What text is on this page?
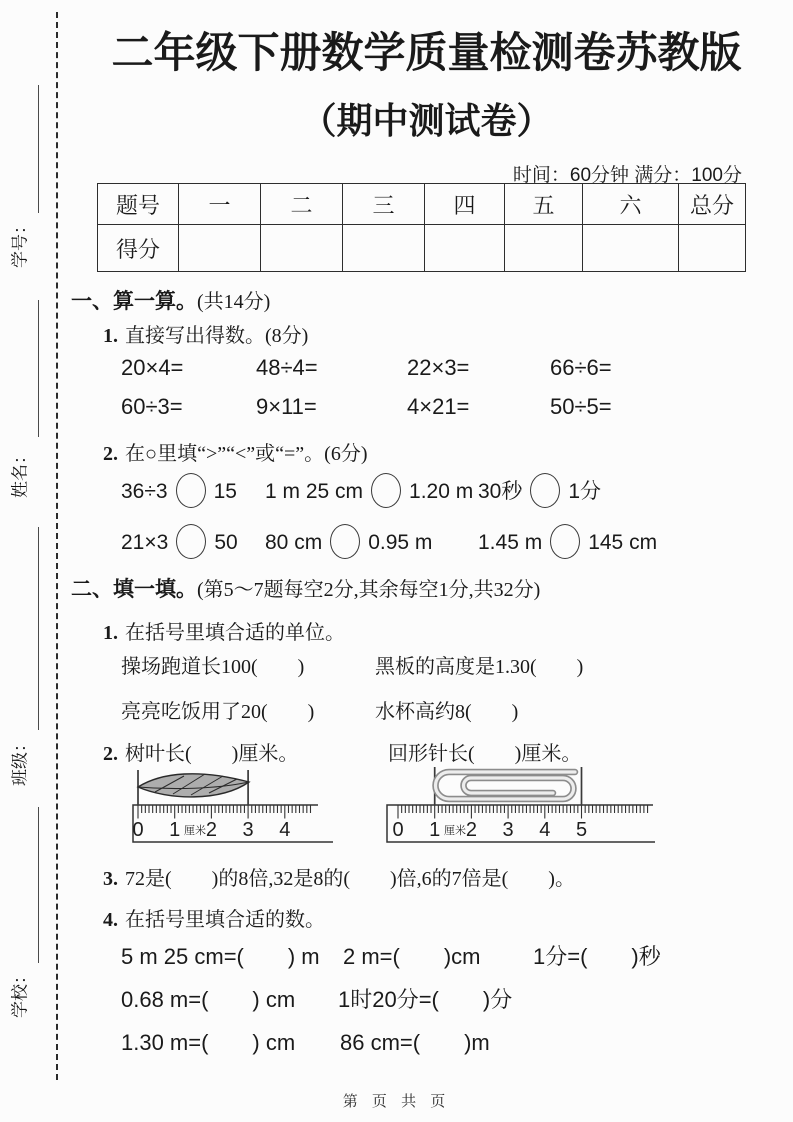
学号：
姓名：
班级：
学校：
二年级下册数学质量检测卷苏教版
（期中测试卷）
时间：60分钟 满分：100分
题号	一	二	三	四	五	六	总分
得分							
一、算一算。(共14分)
1. 直接写出得数。(8分)
20×4=	48÷4=	22×3=	66÷6=
60÷3=	9×11=	4×21=	50÷5=
2. 在○里填“>”“<”或“=”。(6分)
36÷3 15 1 m 25 cm 1.20 m 30秒 1分
21×3 50 80 cm 0.95 m 1.45 m 145 cm
二、填一填。(第5～7题每空2分,其余每空1分,共32分)
1. 在括号里填合适的单位。
操场跑道长100(　　)	黑板的高度是1.30(　　)
亮亮吃饭用了20(　　)	水杯高约8(　　)
2. 树叶长(　　)厘米。	回形针长(　　)厘米。
0 1 2 3 4
厘米	0 1 2 3 4 5
厘米
3. 72是(　　)的8倍,32是8的(　　)倍,6的7倍是(　　)。
4. 在括号里填合适的数。
5 m 25 cm=(　　) m 2 m=(　　)cm 1分=(　　)秒
0.68 m=(　　) cm 1时20分=(　　)分
1.30 m=(　　) cm 86 cm=(　　)m
第 页 共 页
